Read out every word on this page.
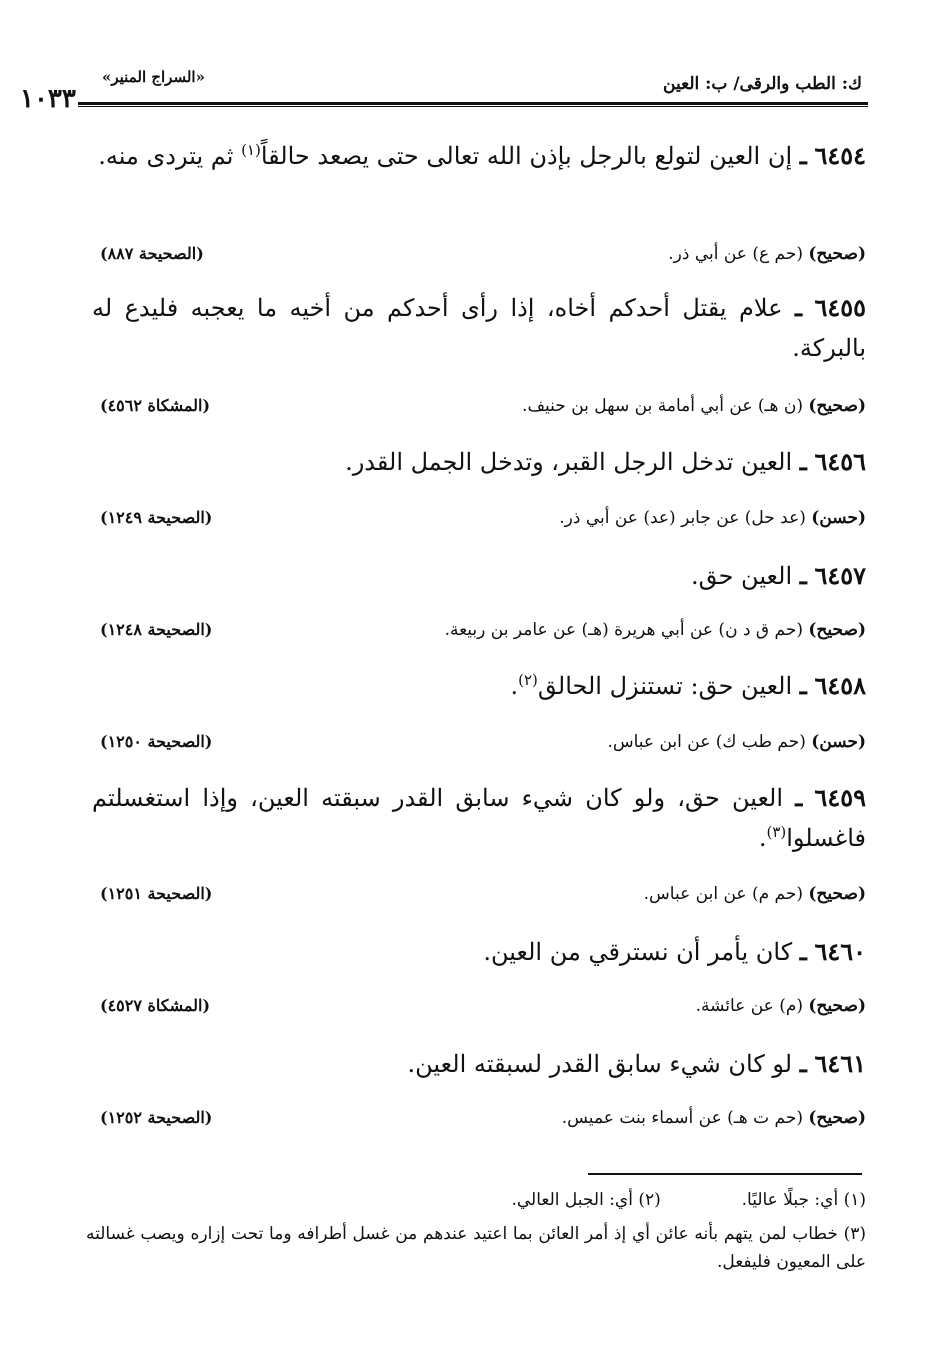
«السراج المنير»
١٠٣٣	ك: الطب والرقى/ ب: العين
٦٤٥٤ ـ إن العين لتولع بالرجل بإذن الله تعالى حتى يصعد حالقاً$^{(١)}$ ثم يتردى منه.
(صحيح) (حم ع) عن أبي ذر.
(الصحيحة ٨٨٧)
٦٤٥٥ ـ علام يقتل أحدكم أخاه، إذا رأى أحدكم من أخيه ما يعجبه فليدع له بالبركة.
(صحيح) (ن هـ) عن أبي أمامة بن سهل بن حنيف.
(المشكاة ٤٥٦٢)
٦٤٥٦ ـ العين تدخل الرجل القبر، وتدخل الجمل القدر.
(حسن) (عد حل) عن جابر (عد) عن أبي ذر.
(الصحيحة ١٢٤٩)
٦٤٥٧ ـ العين حق.
(صحيح) (حم ق د ن) عن أبي هريرة (هـ) عن عامر بن ربيعة.
(الصحيحة ١٢٤٨)
٦٤٥٨ ـ العين حق: تستنزل الحالق$^{(٢)}$.
(حسن) (حم طب ك) عن ابن عباس.
(الصحيحة ١٢٥٠)
٦٤٥٩ ـ العين حق، ولو كان شيء سابق القدر سبقته العين، وإذا استغسلتم فاغسلوا$^{(٣)}$.
(صحيح) (حم م) عن ابن عباس.
(الصحيحة ١٢٥١)
٦٤٦٠ ـ كان يأمر أن نسترقي من العين.
(صحيح) (م) عن عائشة.
(المشكاة ٤٥٢٧)
٦٤٦١ ـ لو كان شيء سابق القدر لسبقته العين.
(صحيح) (حم ت هـ) عن أسماء بنت عميس.
(الصحيحة ١٢٥٢)
(١) أي: جبلًا عاليًا.  (٢) أي: الجبل العالي.
(٣) خطاب لمن يتهم بأنه عائن أي إذ أمر العائن بما اعتيد عندهم من غسل أطرافه وما تحت إزاره ويصب غسالته على المعيون فليفعل.
